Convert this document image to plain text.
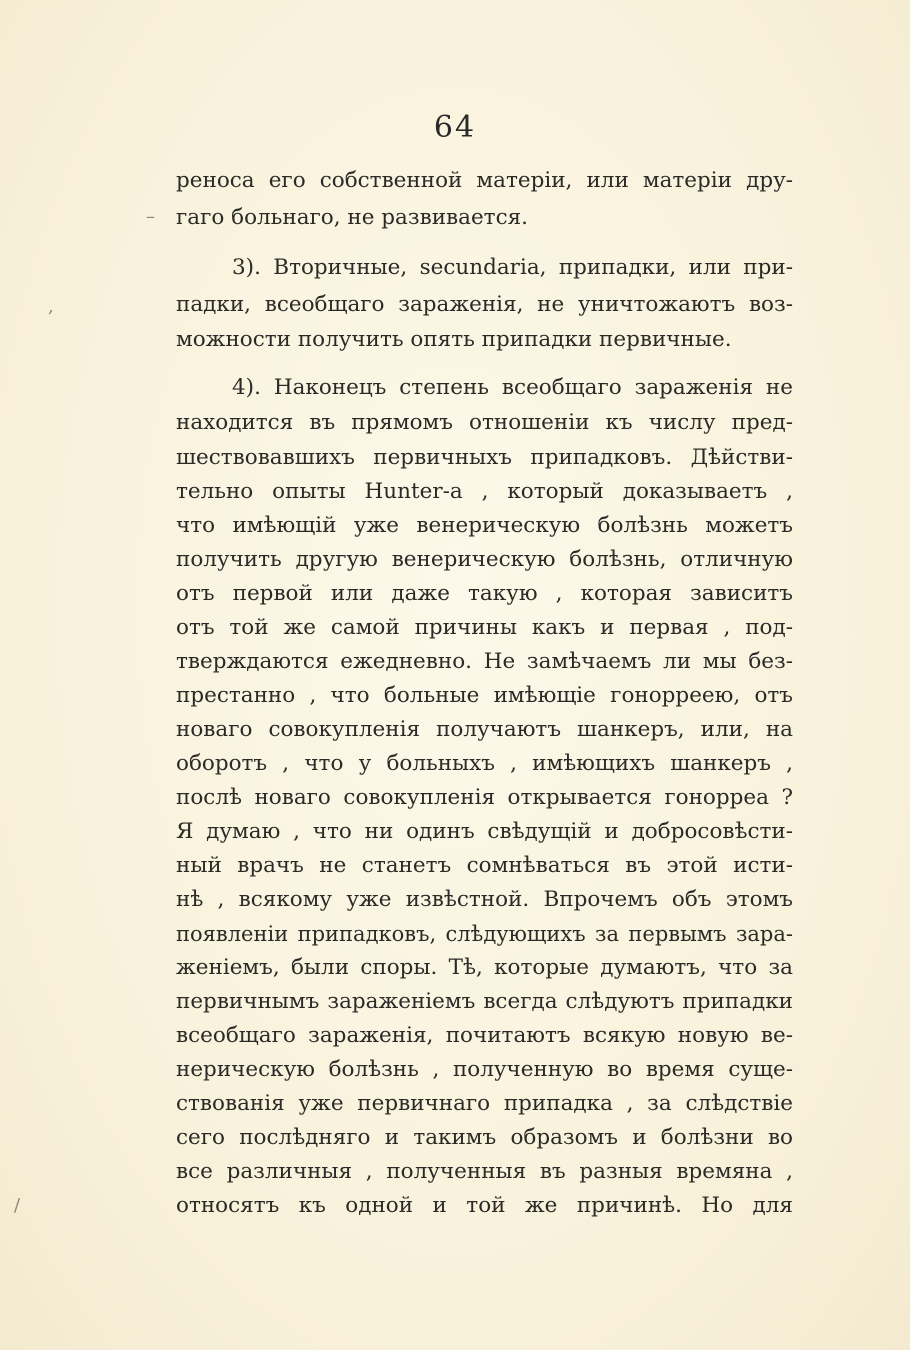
64
реноса его собственной матеріи, или матеріи дру-
гаго больнаго, не развивается.
3). Вторичные, secundaria, припадки, или при-
падки, всеобщаго зараженія, не уничтожаютъ воз-
можности получить опять припадки первичные.
4). Наконецъ степень всеобщаго зараженія не
находится въ прямомъ отношеніи къ числу пред-
шествовавшихъ первичныхъ припадковъ. Дѣйстви-
тельно опыты Hunter-а , который доказываетъ ,
что имѣющій уже венерическую болѣзнь можетъ
получить другую венерическую болѣзнь, отличную
отъ первой или даже такую , которая зависитъ
отъ той же самой причины какъ и первая , под-
тверждаются ежедневно. Не замѣчаемъ ли мы без-
престанно , что больные имѣющіе гонорреею, отъ
новаго совокупленія получаютъ шанкеръ, или, на
оборотъ , что у больныхъ , имѣющихъ шанкеръ ,
послѣ новаго совокупленія открывается гонорреа ?
Я думаю , что ни одинъ свѣдущій и добросовѣсти-
ный врачъ не станетъ сомнѣваться въ этой исти-
нѣ , всякому уже извѣстной. Впрочемъ объ этомъ
появленіи припадковъ, слѣдующихъ за первымъ зара-
женіемъ, были споры. Тѣ, которые думаютъ, что за
первичнымъ зараженіемъ всегда слѣдуютъ припадки
всеобщаго зараженія, почитаютъ всякую новую ве-
нерическую болѣзнь , полученную во время суще-
ствованія уже первичнаго припадка , за слѣдствіе
сего послѣдняго и такимъ образомъ и болѣзни во
все различныя , полученныя въ разныя времяна ,
относятъ къ одной и той же причинѣ. Но для
–
,
/
